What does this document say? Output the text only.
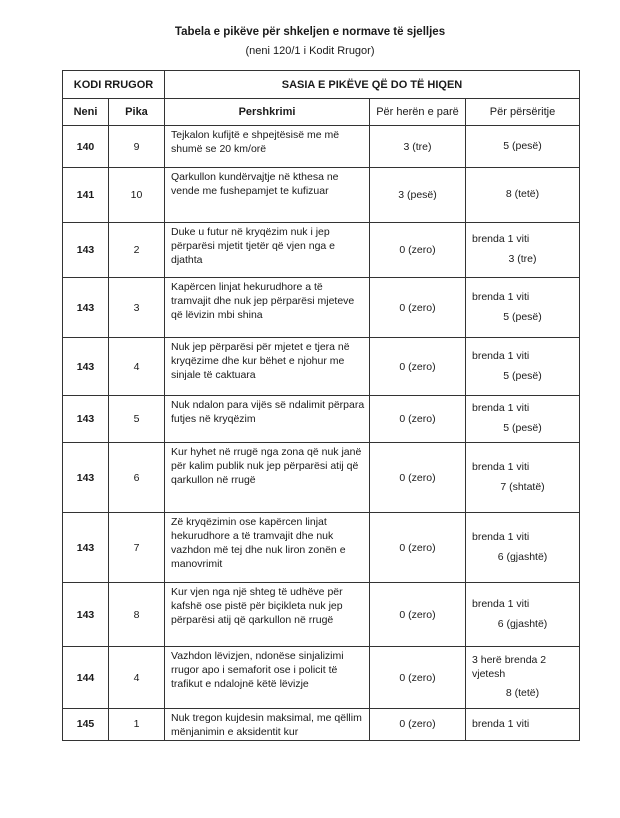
Tabela e pikëve për shkeljen e normave të sjelljes
(neni 120/1 i Kodit Rrugor)
KODI RRUGOR		SASIA E PIKËVE QË DO TË HIQEN		
Neni	Pika	Pershkrimi	Për herën e parë	Për përsëritje
140	9	Tejkalon kufijtë e shpejtësisë me më shumë se 20 km/orë	3 (tre)	5 (pesë)

141	10	Qarkullon kundërvajtje në kthesa ne vende me fushepamjet te kufizuar	3 (pesë)	8 (tetë)

143	2	Duke u futur në kryqëzim nuk i jep përparësi mjetit tjetër që vjen nga e djathta	0 (zero)	brenda 1 viti
3 (tre)

143	3	Kapërcen linjat hekurudhore a të tramvajit dhe nuk jep përparësi mjeteve që lëvizin mbi shina	0 (zero)	brenda 1 viti
5 (pesë)

143	4	Nuk jep përparësi për mjetet e tjera në kryqëzime dhe kur bëhet e njohur me sinjale të caktuara	0 (zero)	brenda 1 viti
5 (pesë)

143	5	Nuk ndalon para vijës së ndalimit përpara futjes në kryqëzim	0 (zero)	brenda 1 viti
5 (pesë)

143	6	Kur hyhet në rrugë nga zona që nuk janë për kalim publik nuk jep përparësi atij që qarkullon në rrugë	0 (zero)	brenda 1 viti
7 (shtatë)

143	7	Zë kryqëzimin ose kapërcen linjat hekurudhore a të tramvajit dhe nuk vazhdon më tej dhe nuk liron zonën e manovrimit	0 (zero)	brenda 1 viti
6 (gjashtë)

143	8	Kur vjen nga një shteg të udhëve për kafshë ose pistë për biçikleta nuk jep përparësi atij që qarkullon në rrugë	0 (zero)	brenda 1 viti
6 (gjashtë)

144	4	Vazhdon lëvizjen, ndonëse sinjalizimi rrugor apo i semaforit ose i policit të trafikut e ndalojnë këtë lëvizje	0 (zero)	3 herë brenda 2 vjetesh
8 (tetë)

145	1	Nuk tregon kujdesin maksimal, me qëllim mënjanimin e aksidentit kur	0 (zero)	brenda 1 viti
